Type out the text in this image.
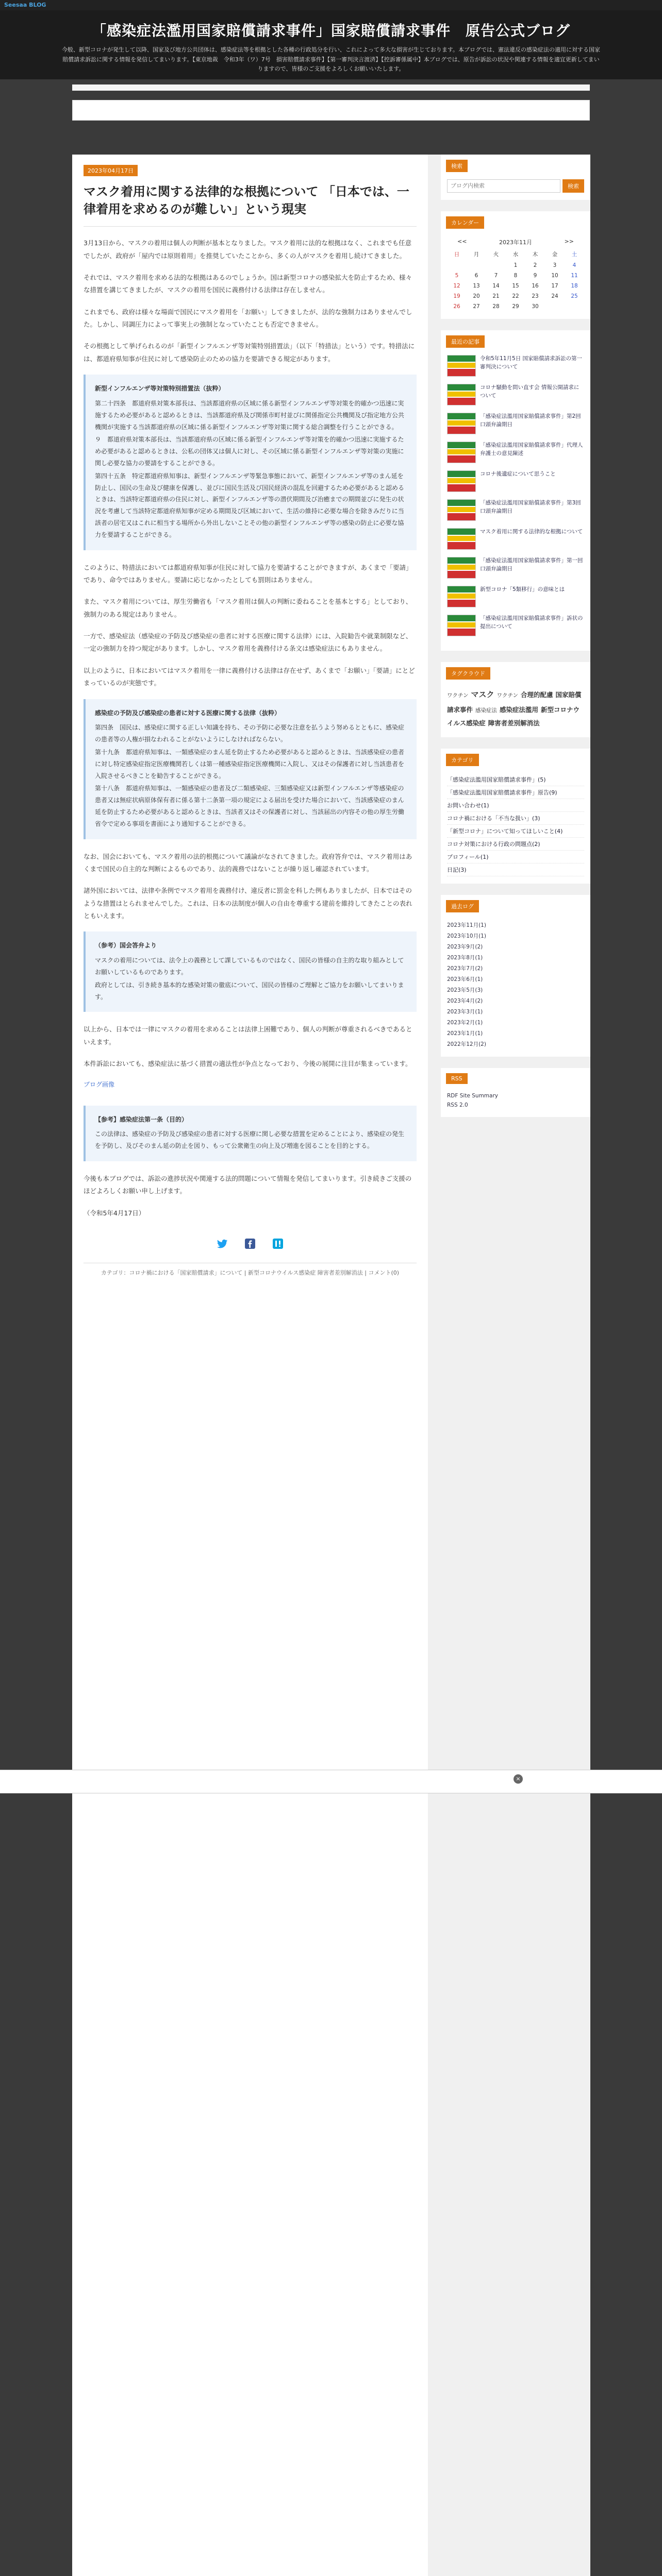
Seesaa BLOG
「感染症法濫用国家賠償請求事件」国家賠償請求事件　原告公式ブログ
今般、新型コロナが発生して以降、国家及び地方公共団体は、感染症法等を根拠とした各種の行政処分を行い、これによって多大な損害が生じております。本ブログでは、憲法違反の感染症法の適用に対する国家賠償請求訴訟に関する情報を発信してまいります。【東京地裁　令和3年（ワ）7号　損害賠償請求事件】【第一審判決言渡済】【控訴審係属中】本ブログでは、原告が訴訟の状況や関連する情報を適宜更新してまいりますので、皆様のご支援をよろしくお願いいたします。
2023年04月17日
マスク着用に関する法律的な根拠について 「日本では、一律着用を求めるのが難しい」という現実

3月13日から、マスクの着用は個人の判断が基本となりました。マスク着用に法的な根拠はなく、これまでも任意でしたが、政府が「屋内では原則着用」を推奨していたことから、多くの人がマスクを着用し続けてきました。

それでは、マスク着用を求める法的な根拠はあるのでしょうか。国は新型コロナの感染拡大を防止するため、様々な措置を講じてきましたが、マスクの着用を国民に義務付ける法律は存在しません。

これまでも、政府は様々な場面で国民にマスク着用を「お願い」してきましたが、法的な強制力はありませんでした。しかし、同調圧力によって事実上の強制となっていたことも否定できません。

その根拠として挙げられるのが「新型インフルエンザ等対策特別措置法」（以下「特措法」という）です。特措法には、都道府県知事が住民に対して感染防止のための協力を要請できる規定があります。

新型インフルエンザ等対策特別措置法（抜粋）
第二十四条　都道府県対策本部長は、当該都道府県の区域に係る新型インフルエンザ等対策を的確かつ迅速に実施するため必要があると認めるときは、当該都道府県及び関係市町村並びに関係指定公共機関及び指定地方公共機関が実施する当該都道府県の区域に係る新型インフルエンザ等対策に関する総合調整を行うことができる。
９　都道府県対策本部長は、当該都道府県の区域に係る新型インフルエンザ等対策を的確かつ迅速に実施するため必要があると認めるときは、公私の団体又は個人に対し、その区域に係る新型インフルエンザ等対策の実施に関し必要な協力の要請をすることができる。
第四十五条　特定都道府県知事は、新型インフルエンザ等緊急事態において、新型インフルエンザ等のまん延を防止し、国民の生命及び健康を保護し、並びに国民生活及び国民経済の混乱を回避するため必要があると認めるときは、当該特定都道府県の住民に対し、新型インフルエンザ等の潜伏期間及び治癒までの期間並びに発生の状況を考慮して当該特定都道府県知事が定める期間及び区域において、生活の維持に必要な場合を除きみだりに当該者の居宅又はこれに相当する場所から外出しないことその他の新型インフルエンザ等の感染の防止に必要な協力を要請することができる。

このように、特措法においては都道府県知事が住民に対して協力を要請することができますが、あくまで「要請」であり、命令ではありません。要請に応じなかったとしても罰則はありません。

また、マスク着用については、厚生労働省も「マスク着用は個人の判断に委ねることを基本とする」としており、強制力のある規定はありません。

一方で、感染症法（感染症の予防及び感染症の患者に対する医療に関する法律）には、入院勧告や就業制限など、一定の強制力を持つ規定があります。しかし、マスク着用を義務付ける条文は感染症法にもありません。

以上のように、日本においてはマスク着用を一律に義務付ける法律は存在せず、あくまで「お願い」「要請」にとどまっているのが実態です。

感染症の予防及び感染症の患者に対する医療に関する法律（抜粋）
第四条　国民は、感染症に関する正しい知識を持ち、その予防に必要な注意を払うよう努めるとともに、感染症の患者等の人権が損なわれることがないようにしなければならない。
第十九条　都道府県知事は、一類感染症のまん延を防止するため必要があると認めるときは、当該感染症の患者に対し特定感染症指定医療機関若しくは第一種感染症指定医療機関に入院し、又はその保護者に対し当該患者を入院させるべきことを勧告することができる。
第十八条　都道府県知事は、一類感染症の患者及び二類感染症、三類感染症又は新型インフルエンザ等感染症の患者又は無症状病原体保有者に係る第十二条第一項の規定による届出を受けた場合において、当該感染症のまん延を防止するため必要があると認めるときは、当該者又はその保護者に対し、当該届出の内容その他の厚生労働省令で定める事項を書面により通知することができる。

なお、国会においても、マスク着用の法的根拠について議論がなされてきました。政府答弁では、マスク着用はあくまで国民の自主的な判断によるものであり、法的義務ではないことが繰り返し確認されています。

諸外国においては、法律や条例でマスク着用を義務付け、違反者に罰金を科した例もありましたが、日本ではそのような措置はとられませんでした。これは、日本の法制度が個人の自由を尊重する建前を維持してきたことの表れともいえます。

（参考）国会答弁より
マスクの着用については、法令上の義務として課しているものではなく、国民の皆様の自主的な取り組みとしてお願いしているものであります。
政府としては、引き続き基本的な感染対策の徹底について、国民の皆様のご理解とご協力をお願いしてまいります。

以上から、日本では一律にマスクの着用を求めることは法律上困難であり、個人の判断が尊重されるべきであるといえます。

本件訴訟においても、感染症法に基づく措置の適法性が争点となっており、今後の展開に注目が集まっています。

ブログ画像
【参考】感染症法第一条（目的）
この法律は、感染症の予防及び感染症の患者に対する医療に関し必要な措置を定めることにより、感染症の発生を予防し、及びそのまん延の防止を図り、もって公衆衛生の向上及び増進を図ることを目的とする。

今後も本ブログでは、訴訟の進捗状況や関連する法的問題について情報を発信してまいります。引き続きご支援のほどよろしくお願い申し上げます。

（令和5年4月17日）

カテゴリ：コロナ禍における「国家賠償請求」について | 新型コロナウイルス感染症 障害者差別解消法 | コメント(0)
検索
ブログ内検索
検索
カレンダー
<<	2023年11月	>>
日	月	火	水	木	金	土
			1	2	3	4
5	6	7	8	9	10	11
12	13	14	15	16	17	18
19	20	21	22	23	24	25
26	27	28	29	30		
最近の記事
令和5年11月5日 国家賠償請求訴訟の第一審判決について
コロナ騒動を問い直す会 情報公開請求について
「感染症法濫用国家賠償請求事件」第2回口頭弁論期日
「感染症法濫用国家賠償請求事件」代理人弁護士の意見陳述
コロナ後遺症について思うこと
「感染症法濫用国家賠償請求事件」第3回口頭弁論期日
マスク着用に関する法律的な根拠について
「感染症法濫用国家賠償請求事件」第一回口頭弁論期日
新型コロナ「5類移行」の意味とは
「感染症法濫用国家賠償請求事件」訴状の提出について
タグクラウド
ワクチン マスク ワクチン 合理的配慮 国家賠償請求事件 感染症法 感染症法濫用 新型コロナウイルス感染症 障害者差別解消法
カテゴリ
「感染症法濫用国家賠償請求事件」(5)
「感染症法濫用国家賠償請求事件」原告(9)
お問い合わせ(1)
コロナ禍における「不当な扱い」(3)
「新型コロナ」について知ってほしいこと(4)
コロナ対策における行政の問題点(2)
プロフィール(1)
日記(3)
過去ログ
2023年11月(1)
2023年10月(1)
2023年9月(2)
2023年8月(1)
2023年7月(2)
2023年6月(1)
2023年5月(3)
2023年4月(2)
2023年3月(1)
2023年2月(1)
2023年1月(1)
2022年12月(2)
RSS
RDF Site Summary
RSS 2.0
×
